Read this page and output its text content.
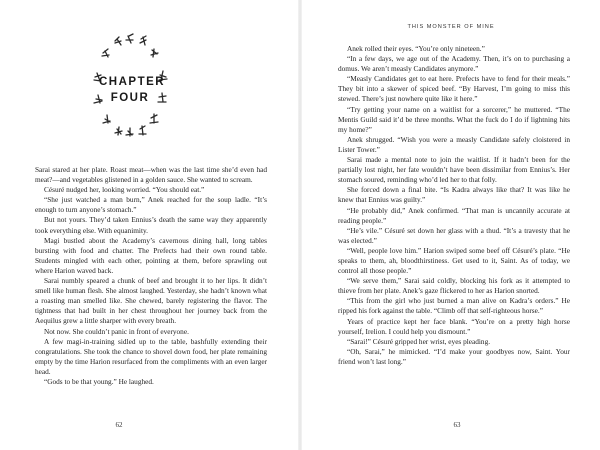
CHAPTER
FOUR

Sarai stared at her plate. Roast meat—when was the last time she’d even had meat?—and vegetables glistened in a golden sauce. She wanted to scream.

Césuré nudged her, looking worried. “You should eat.”

“She just watched a man burn,” Anek reached for the soup ladle. “It’s enough to turn anyone’s stomach.”

But not yours. They’d taken Ennius’s death the same way they apparently took everything else. With equanimity.

Magi bustled about the Academy’s cavernous dining hall, long tables bursting with food and chatter. The Prefects had their own round table. Students mingled with each other, pointing at them, before sprawling out where Harion waved back.

Sarai numbly speared a chunk of beef and brought it to her lips. It didn’t smell like human flesh. She almost laughed. Yesterday, she hadn’t known what a roasting man smelled like. She chewed, barely registering the flavor. The tightness that had built in her chest throughout her journey back from the Aequilus grew a little sharper with every breath.

Not now. She couldn’t panic in front of everyone.

A few magi-in-training sidled up to the table, bashfully extending their congratulations. She took the chance to shovel down food, her plate remaining empty by the time Harion resurfaced from the compliments with an even larger head.

“Gods to be that young.” He laughed.

62
THIS MONSTER OF MINE

Anek rolled their eyes. “You’re only nineteen.”

“In a few days, we age out of the Academy. Then, it’s on to purchasing a domus. We aren’t measly Candidates anymore.”

“Measly Candidates get to eat here. Prefects have to fend for their meals.” They bit into a skewer of spiced beef. “By Harvest, I’m going to miss this stewed. There’s just nowhere quite like it here.”

“Try getting your name on a waitlist for a sorcerer,” he muttered. “The Mentis Guild said it’d be three months. What the fuck do I do if lightning hits my home?”

Anek shrugged. “Wish you were a measly Candidate safely cloistered in Lister Tower.”

Sarai made a mental note to join the waitlist. If it hadn’t been for the partially lost night, her fate wouldn’t have been dissimilar from Ennius’s. Her stomach soured, reminding who’d led her to that folly.

She forced down a final bite. “Is Kadra always like that? It was like he knew that Ennius was guilty.”

“He probably did,” Anek confirmed. “That man is uncannily accurate at reading people.”

“He’s vile.” Césuré set down her glass with a thud. “It’s a travesty that he was elected.”

“Well, people love him.” Harion swiped some beef off Césuré’s plate. “He speaks to them, ah, bloodthirstiness. Get used to it, Saint. As of today, we control all those people.”

“We serve them,” Sarai said coldly, blocking his fork as it attempted to thieve from her plate. Anek’s gaze flickered to her as Harion snorted.

“This from the girl who just burned a man alive on Kadra’s orders.” He ripped his fork against the table. “Climb off that self-righteous horse.”

Years of practice kept her face blank. “You’re on a pretty high horse yourself, Irelion. I could help you dismount.”

“Sarai!” Césuré gripped her wrist, eyes pleading.

“Oh, Sarai,” he mimicked. “I’d make your goodbyes now, Saint. Your friend won’t last long.”

63
